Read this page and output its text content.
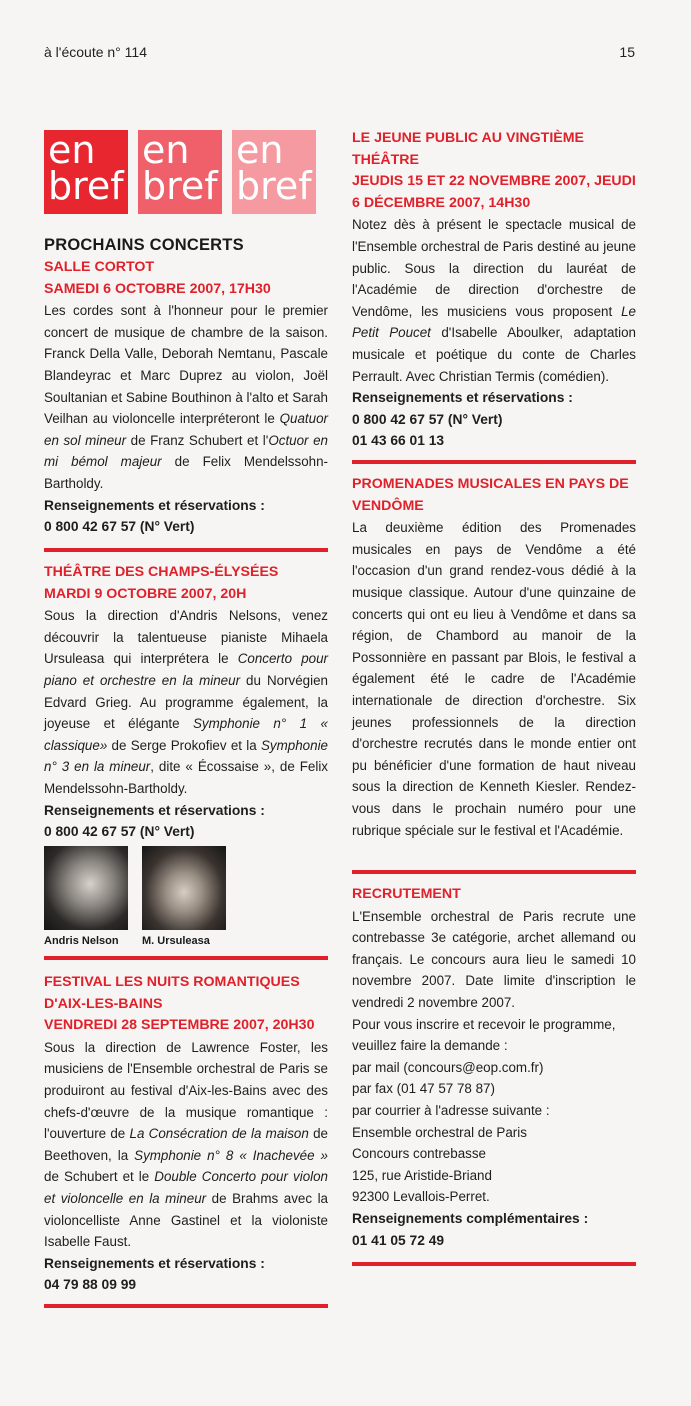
à l'écoute n° 114	15
en
bref
en
bref
en
bref
PROCHAINS CONCERTS
SALLE CORTOT
SAMEDI 6 OCTOBRE 2007, 17H30

Les cordes sont à l'honneur pour le premier concert de musique de chambre de la saison. Franck Della Valle, Deborah Nemtanu, Pascale Blandeyrac et Marc Duprez au violon, Joël Soultanian et Sabine Bouthinon à l'alto et Sarah Veilhan au violoncelle interpréteront le Quatuor en sol mineur de Franz Schubert et l'Octuor en mi bémol majeur de Felix Mendelssohn-Bartholdy.

Renseignements et réservations :
0 800 42 67 57 (N° Vert)
THÉÂTRE DES CHAMPS-ÉLYSÉES
MARDI 9 OCTOBRE 2007, 20H

Sous la direction d'Andris Nelsons, venez découvrir la talentueuse pianiste Mihaela Ursuleasa qui interprétera le Concerto pour piano et orchestre en la mineur du Norvégien Edvard Grieg. Au programme également, la joyeuse et élégante Symphonie n° 1 « classique» de Serge Prokofiev et la Symphonie n° 3 en la mineur, dite « Écossaise », de Felix Mendelssohn-Bartholdy.

Renseignements et réservations :
0 800 42 67 57 (N° Vert)
Andris Nelson M. Ursuleasa
FESTIVAL LES NUITS ROMANTIQUES D'AIX-LES-BAINS
VENDREDI 28 SEPTEMBRE 2007, 20H30

Sous la direction de Lawrence Foster, les musiciens de l'Ensemble orchestral de Paris se produiront au festival d'Aix-les-Bains avec des chefs-d'œuvre de la musique romantique : l'ouverture de La Consécration de la maison de Beethoven, la Symphonie n° 8 « Inachevée » de Schubert et le Double Concerto pour violon et violoncelle en la mineur de Brahms avec la violoncelliste Anne Gastinel et la violoniste Isabelle Faust.

Renseignements et réservations :
04 79 88 09 99
LE JEUNE PUBLIC AU VINGTIÈME THÉÂTRE
JEUDIS 15 ET 22 NOVEMBRE 2007, JEUDI 6 DÉCEMBRE 2007, 14H30

Notez dès à présent le spectacle musical de l'Ensemble orchestral de Paris destiné au jeune public. Sous la direction du lauréat de l'Académie de direction d'orchestre de Vendôme, les musiciens vous proposent Le Petit Poucet d'Isabelle Aboulker, adaptation musicale et poétique du conte de Charles Perrault. Avec Christian Termis (comédien).

Renseignements et réservations :
0 800 42 67 57 (N° Vert)
01 43 66 01 13
PROMENADES MUSICALES EN PAYS DE VENDÔME

La deuxième édition des Promenades musicales en pays de Vendôme a été l'occasion d'un grand rendez-vous dédié à la musique classique. Autour d'une quinzaine de concerts qui ont eu lieu à Vendôme et dans sa région, de Chambord au manoir de la Possonnière en passant par Blois, le festival a également été le cadre de l'Académie internationale de direction d'orchestre. Six jeunes professionnels de la direction d'orchestre recrutés dans le monde entier ont pu bénéficier d'une formation de haut niveau sous la direction de Kenneth Kiesler. Rendez-vous dans le prochain numéro pour une rubrique spéciale sur le festival et l'Académie.

RECRUTEMENT

L'Ensemble orchestral de Paris recrute une contrebasse 3e catégorie, archet allemand ou français. Le concours aura lieu le samedi 10 novembre 2007. Date limite d'inscription le vendredi 2 novembre 2007.

Pour vous inscrire et recevoir le programme,
veuillez faire la demande :
par mail (concours@eop.com.fr)
par fax (01 47 57 78 87)
par courrier à l'adresse suivante :
Ensemble orchestral de Paris
Concours contrebasse
125, rue Aristide-Briand
92300 Levallois-Perret.
Renseignements complémentaires :
01 41 05 72 49
